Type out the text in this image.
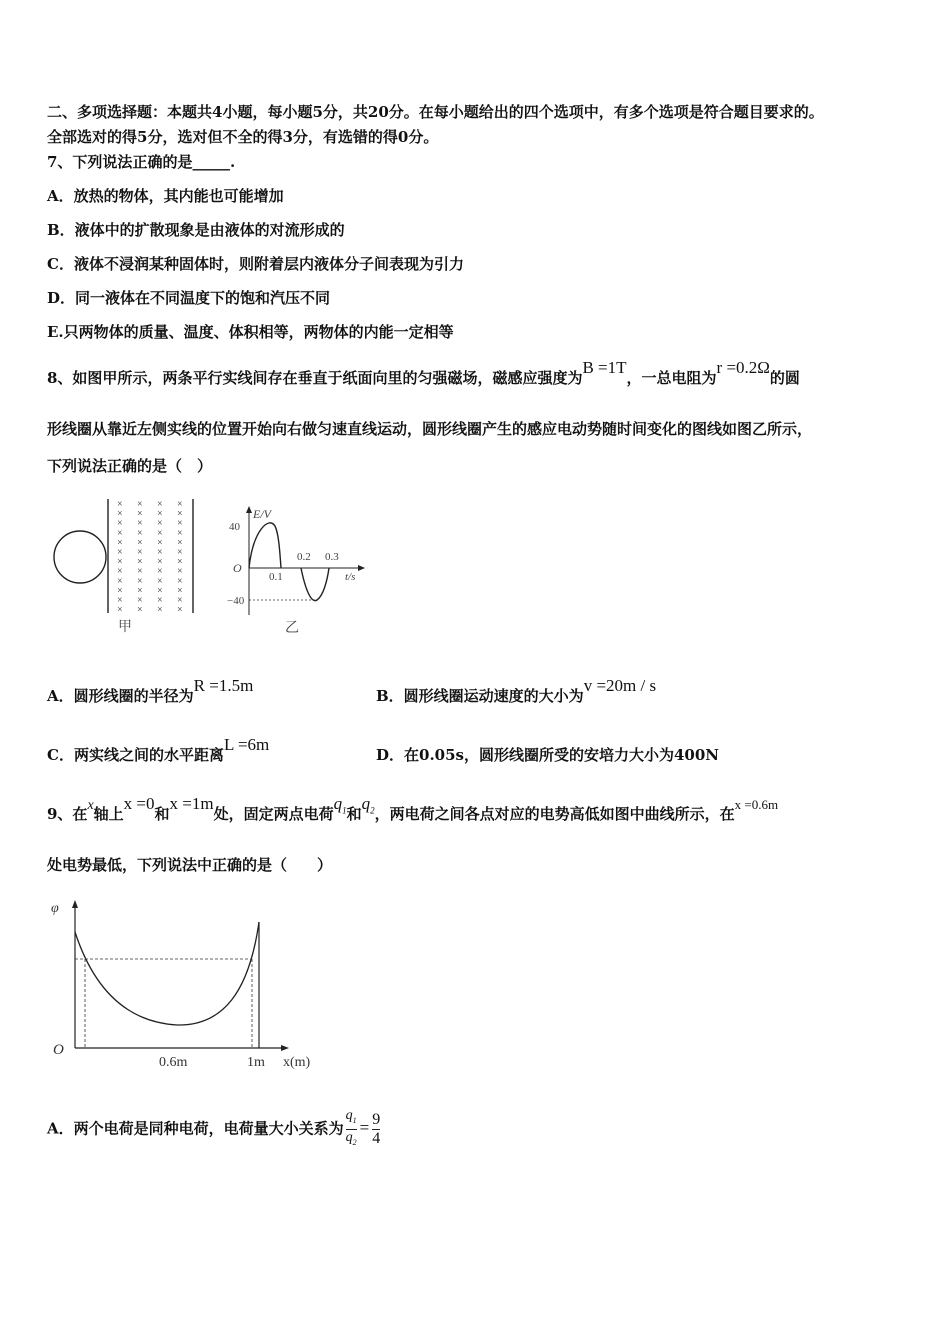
二、多项选择题：本题共4小题，每小题5分，共20分。在每小题给出的四个选项中，有多个选项是符合题目要求的。
全部选对的得5分，选对但不全的得3分，有选错的得0分。
7、下列说法正确的是_____.
A．放热的物体，其内能也可能增加
B．液体中的扩散现象是由液体的对流形成的
C．液体不浸润某种固体时，则附着层内液体分子间表现为引力
D．同一液体在不同温度下的饱和汽压不同
E.只两物体的质量、温度、体积相等，两物体的内能一定相等
8、如图甲所示，两条平行实线间存在垂直于纸面向里的匀强磁场，磁感应强度为B =1T，一总电阻为r =0.2Ω的圆
形线圈从靠近左侧实线的位置开始向右做匀速直线运动，圆形线圈产生的感应电动势随时间变化的图线如图乙所示，
下列说法正确的是（　）
× × × ×
× × × ×
× × × ×
× × × ×
× × × ×
× × × ×
× × × ×
× × × ×
× × × ×
× × × ×
× × × ×
× × × ×
甲
E/V
40
O
0.1
0.2 0.3
t/s
−40
乙
A．圆形线圈的半径为R =1.5m
B．圆形线圈运动速度的大小为v =20m / s
C．两实线之间的水平距离L =6m
D．在0.05s，圆形线圈所受的安培力大小为400N
9、在x轴上x =0和x =1m处，固定两点电荷$q_1$和$q_2$，两电荷之间各点对应的电势高低如图中曲线所示，在x =0.6m
处电势最低，下列说法中正确的是（　　）
φ
O
0.6m	1m x(m)
A．两个电荷是同种电荷，电荷量大小关系为 $\frac{q_1}{q_2} = \frac{9}{4}$
